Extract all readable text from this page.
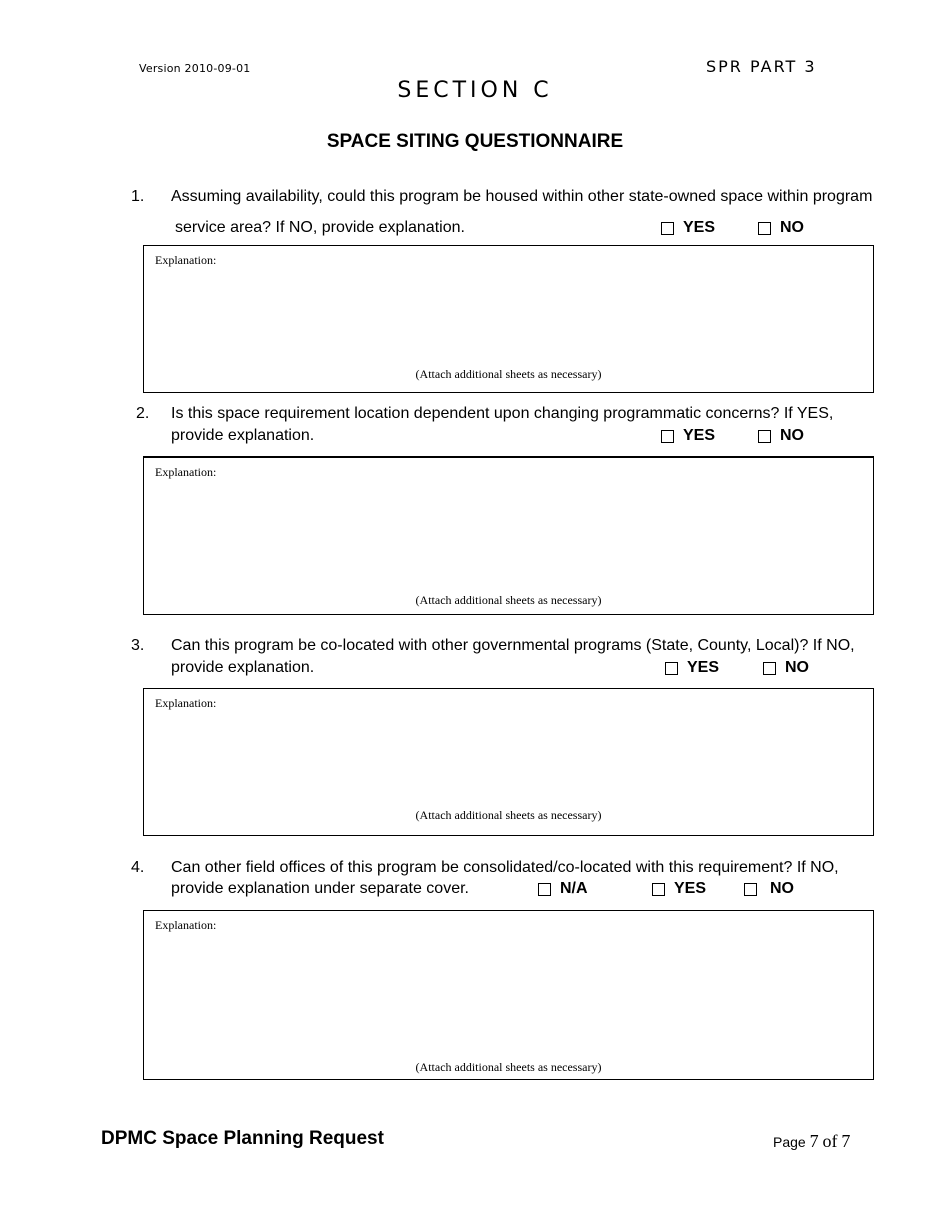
Version 2010-09-01	SPR PART 3
SECTION C
SPACE SITING QUESTIONNAIRE
1. Assuming availability, could this program be housed within other state-owned space within program
service area? If NO, provide explanation.	YES	NO
Explanation:
(Attach additional sheets as necessary)
2. Is this space requirement location dependent upon changing programmatic concerns? If YES,
provide explanation.	YES	NO
Explanation:
(Attach additional sheets as necessary)
3. Can this program be co-located with other governmental programs (State, County, Local)? If NO,
provide explanation.	YES	NO
Explanation:
(Attach additional sheets as necessary)
4. Can other field offices of this program be consolidated/co-located with this requirement? If NO,
provide explanation under separate cover.	N/A	YES	NO
Explanation:
(Attach additional sheets as necessary)
DPMC Space Planning Request	Page 7 of 7
